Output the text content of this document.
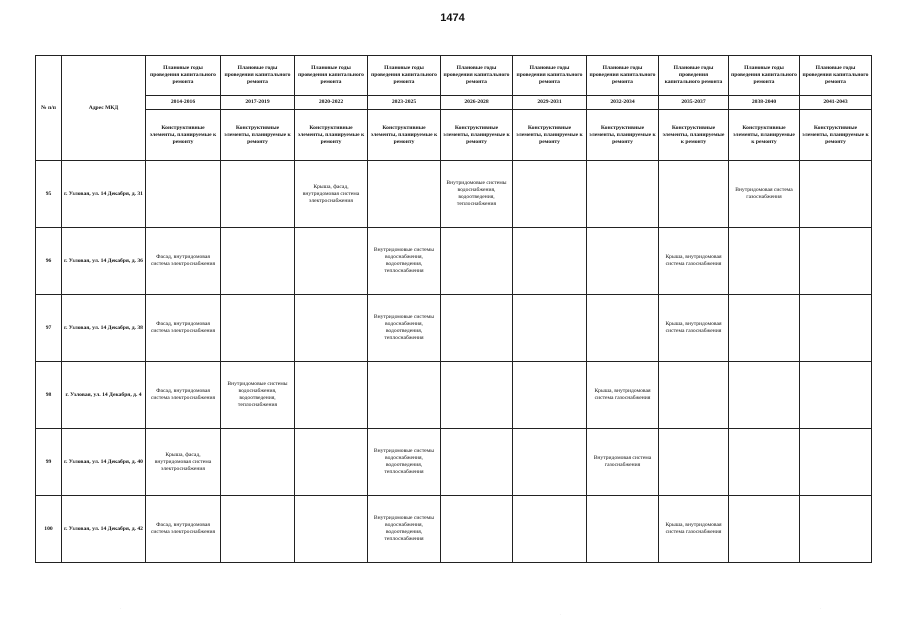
1474
№ п/п	Адрес МКД	Плановые годы проведения капитального ремонта	Плановые годы проведения капитального ремонта	Плановые годы проведения капитального ремонта	Плановые годы проведения капитального ремонта	Плановые годы проведения капитального ремонта	Плановые годы проведения капитального ремонта	Плановые годы проведения капитального ремонта	Плановые годы проведения капитального ремонта	Плановые годы проведения капитального ремонта	Плановые годы проведения капитального ремонта
		2014-2016	2017-2019	2020-2022	2023-2025	2026-2028	2029-2031	2032-2034	2035-2037	2038-2040	2041-2043
		Конструктивные элементы, планируемые к ремонту	Конструктивные элементы, планируемые к ремонту	Конструктивные элементы, планируемые к ремонту	Конструктивные элементы, планируемые к ремонту	Конструктивные элементы, планируемые к ремонту	Конструктивные элементы, планируемые к ремонту	Конструктивные элементы, планируемые к ремонту	Конструктивные элементы, планируемые к ремонту	Конструктивные элементы, планируемые к ремонту	Конструктивные элементы, планируемые к ремонту
95	г. Узловая, ул. 14 Декабря, д. 31			Крыша, фасад, внутридомовая система электроснабжения		Внутридомовые системы водоснабжения, водоотведения, теплоснабжения				Внутридомовая система газоснабжения	
96	г. Узловая, ул. 14 Декабря, д. 36	Фасад, внутридомовая система электроснабжения			Внутридомовые системы водоснабжения, водоотведения, теплоснабжения				Крыша, внутридомовая система газоснабжения		
97	г. Узловая, ул. 14 Декабря, д. 38	Фасад, внутридомовая система электроснабжения			Внутридомовые системы водоснабжения, водоотведения, теплоснабжения				Крыша, внутридомовая система газоснабжения		
98	г. Узловая, ул. 14 Декабря, д. 4	Фасад, внутридомовая система электроснабжения	Внутридомовые системы водоснабжения, водоотведения, теплоснабжения					Крыша, внутридомовая система газоснабжения			
99	г. Узловая, ул. 14 Декабря, д. 40	Крыша, фасад, внутридомовая система электроснабжения			Внутридомовые системы водоснабжения, водоотведения, теплоснабжения			Внутридомовая система газоснабжения			
100	г. Узловая, ул. 14 Декабря, д. 42	Фасад, внутридомовая система электроснабжения			Внутридомовые системы водоснабжения, водоотведения, теплоснабжения				Крыша, внутридомовая система газоснабжения		
·
·
·
